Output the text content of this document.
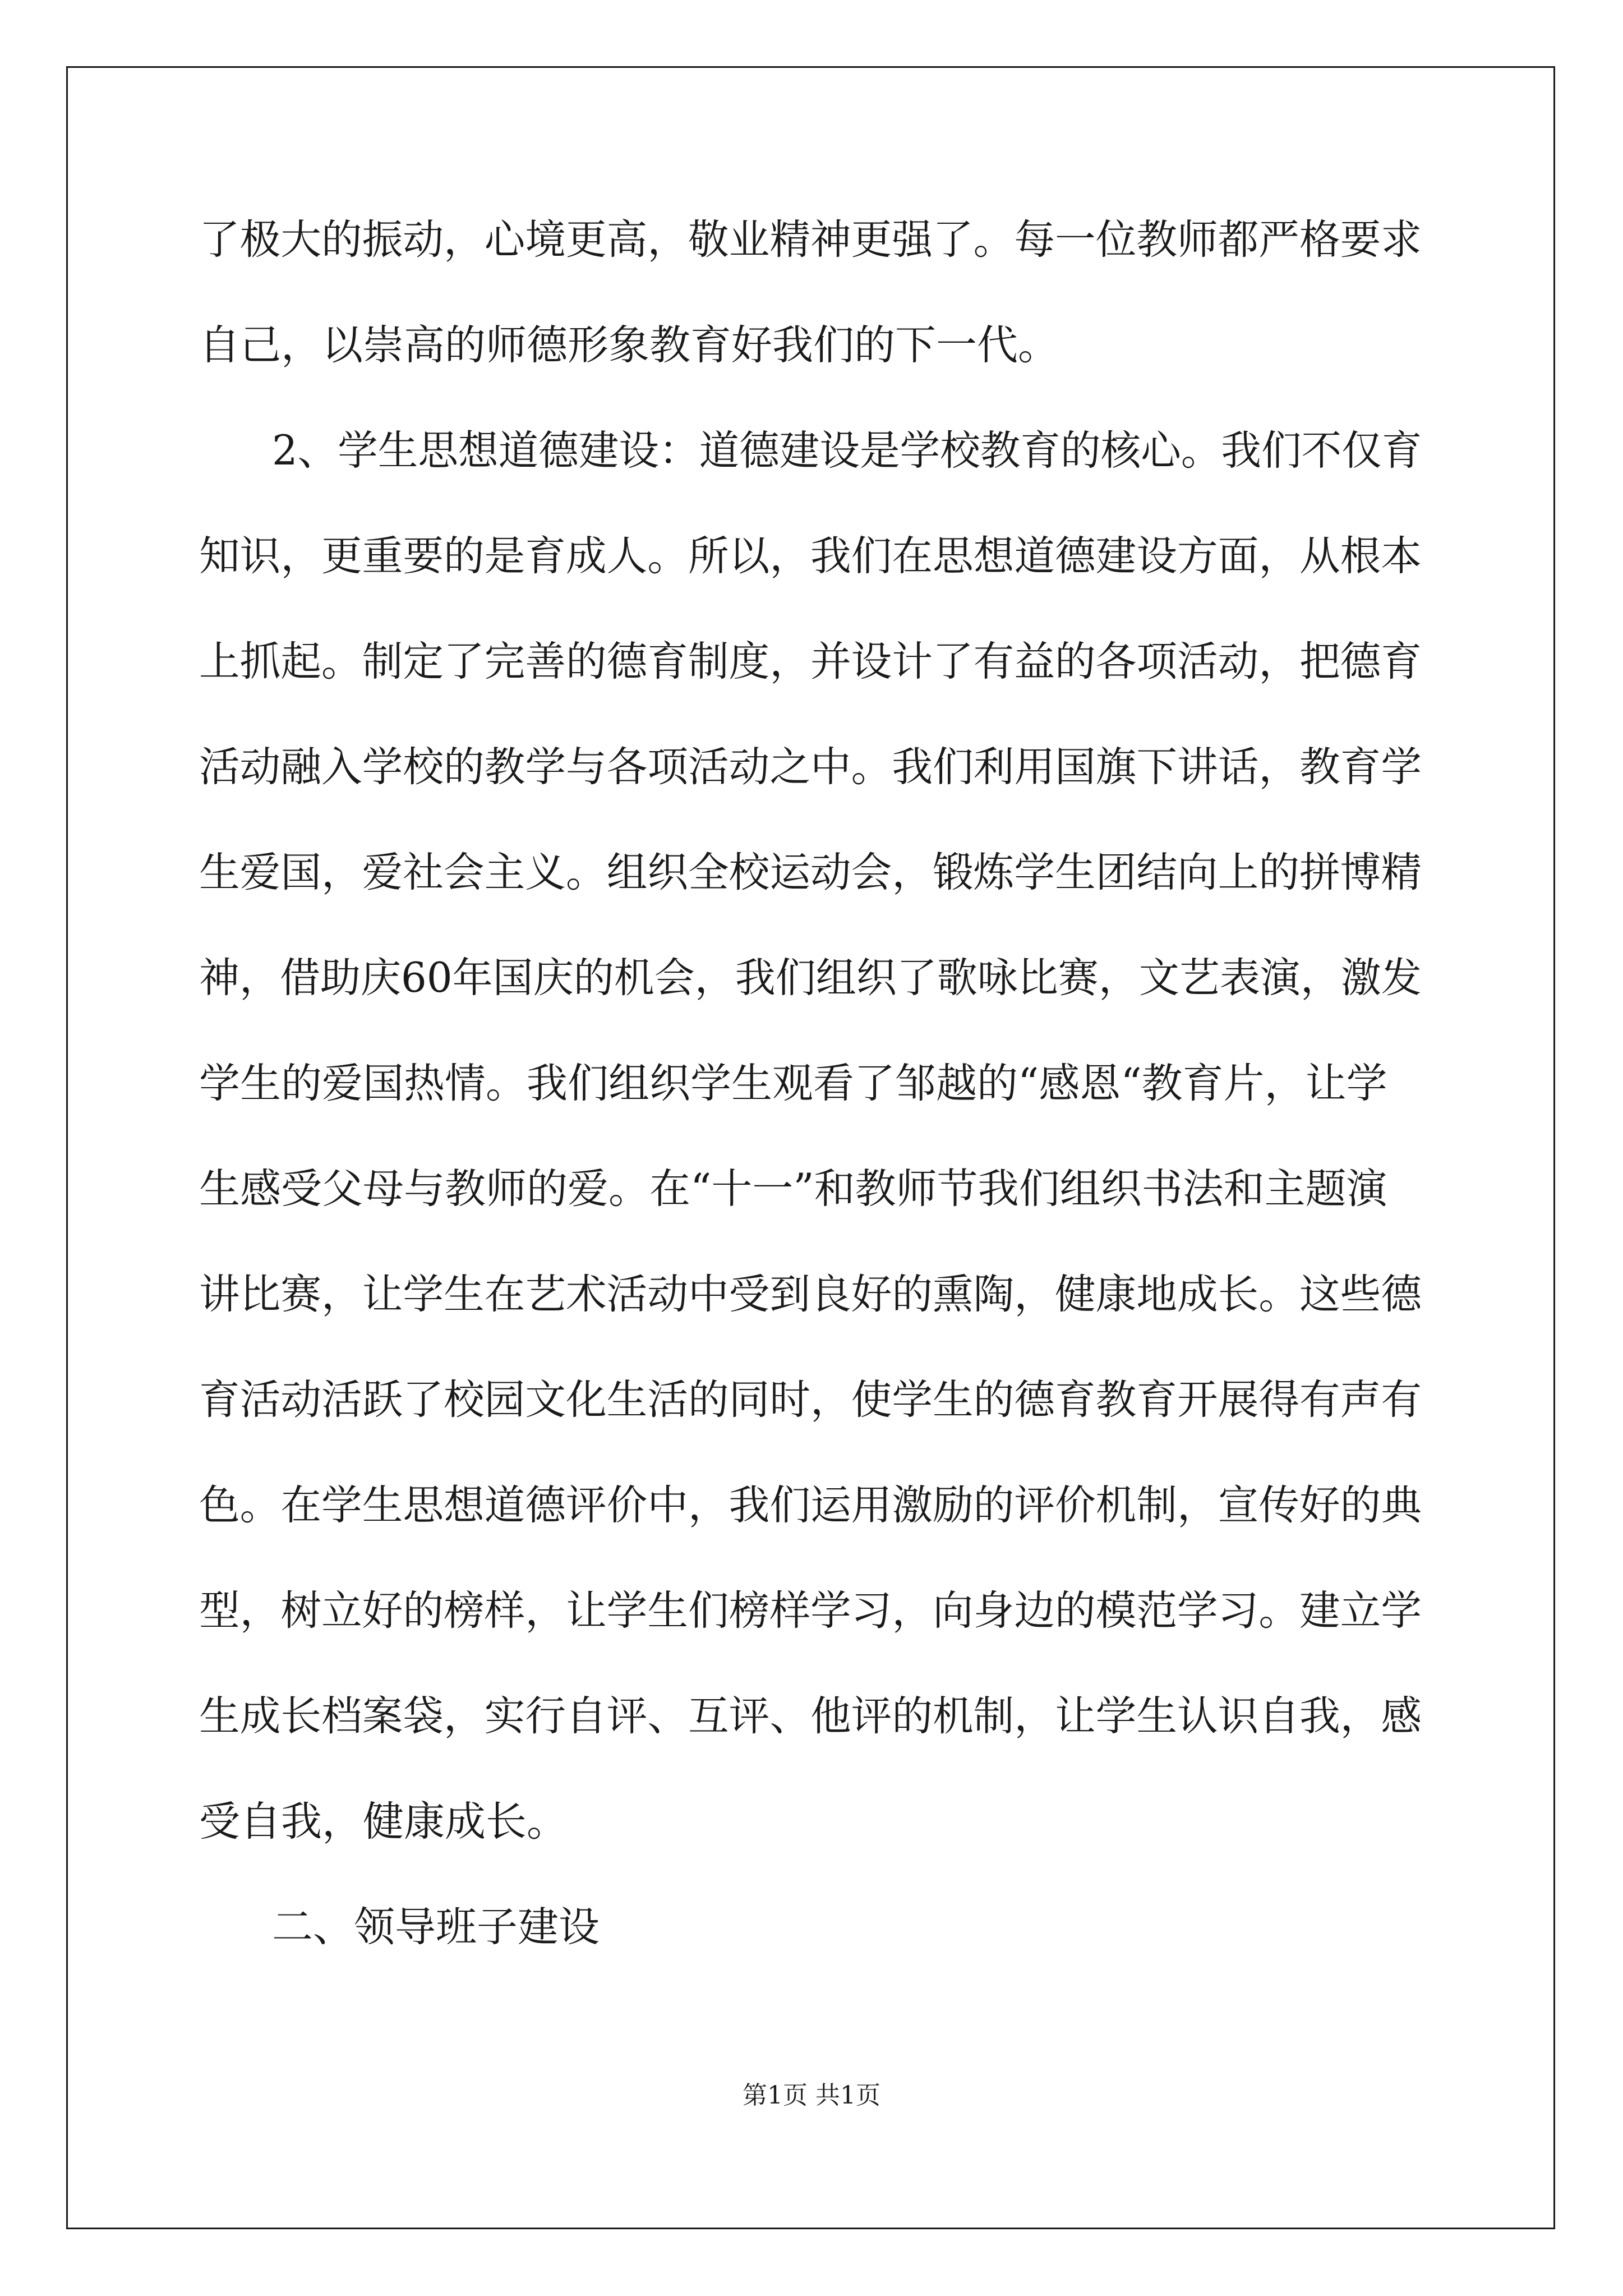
了极大的振动，心境更高，敬业精神更强了。每一位教师都严格要求
自己，以崇高的师德形象教育好我们的下一代。
2、学生思想道德建设：道德建设是学校教育的核心。我们不仅育
知识，更重要的是育成人。所以，我们在思想道德建设方面，从根本
上抓起。制定了完善的德育制度，并设计了有益的各项活动，把德育
活动融入学校的教学与各项活动之中。我们利用国旗下讲话，教育学
生爱国，爱社会主义。组织全校运动会，锻炼学生团结向上的拼博精
神，借助庆60年国庆的机会，我们组织了歌咏比赛，文艺表演，激发
学生的爱国热情。我们组织学生观看了邹越的“感恩“教育片，让学
生感受父母与教师的爱。在“十一”和教师节我们组织书法和主题演
讲比赛，让学生在艺术活动中受到良好的熏陶，健康地成长。这些德
育活动活跃了校园文化生活的同时，使学生的德育教育开展得有声有
色。在学生思想道德评价中，我们运用激励的评价机制，宣传好的典
型，树立好的榜样，让学生们榜样学习，向身边的模范学习。建立学
生成长档案袋，实行自评、互评、他评的机制，让学生认识自我，感
受自我，健康成长。
二、领导班子建设
第1页 共1页
